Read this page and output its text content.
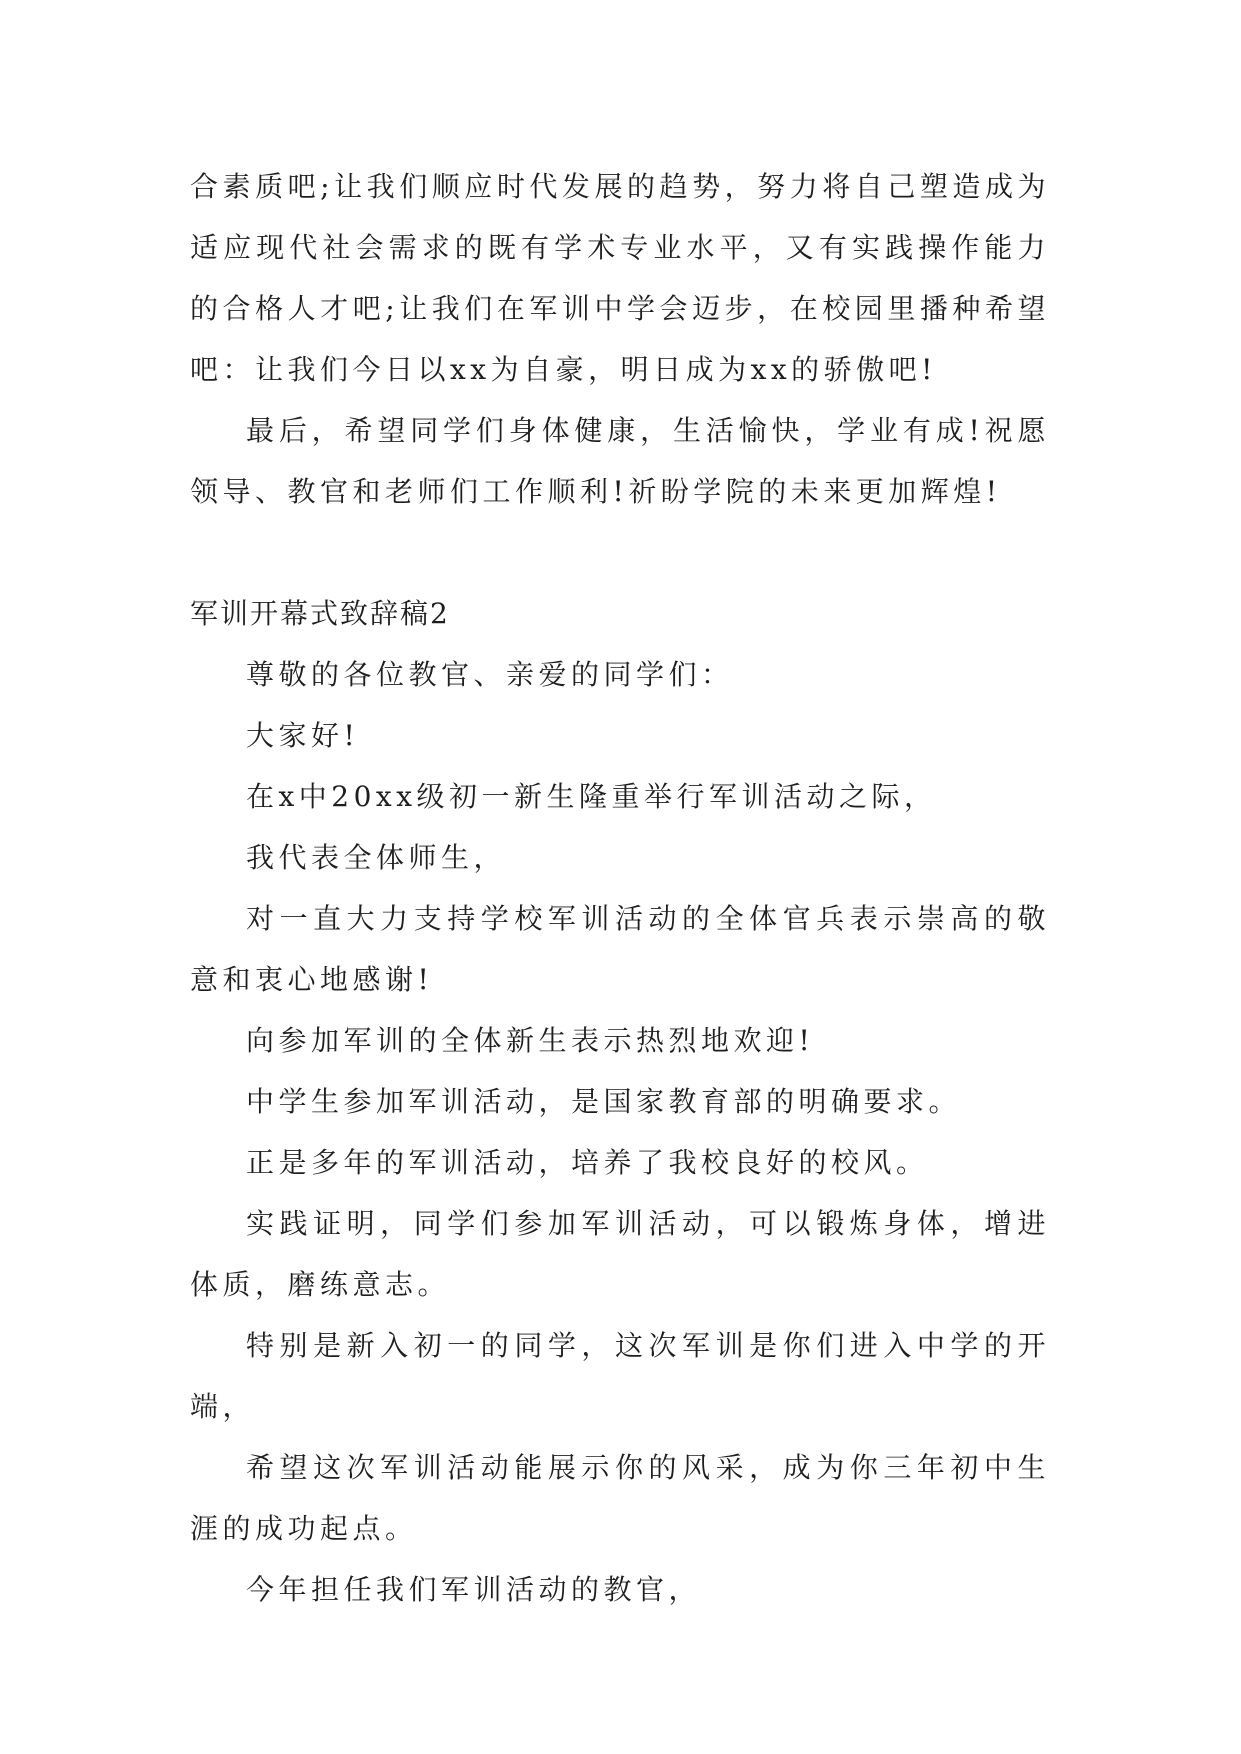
合素质吧;让我们顺应时代发展的趋势，努力将自己塑造成为适应现代社会需求的既有学术专业水平，又有实践操作能力的合格人才吧;让我们在军训中学会迈步，在校园里播种希望吧：让我们今日以xx为自豪，明日成为xx的骄傲吧!

最后，希望同学们身体健康，生活愉快，学业有成!祝愿领导、教官和老师们工作顺利!祈盼学院的未来更加辉煌!

军训开幕式致辞稿2

尊敬的各位教官、亲爱的同学们：

大家好!

在x中20xx级初一新生隆重举行军训活动之际，

我代表全体师生，

对一直大力支持学校军训活动的全体官兵表示崇高的敬意和衷心地感谢!

向参加军训的全体新生表示热烈地欢迎!

中学生参加军训活动，是国家教育部的明确要求。

正是多年的军训活动，培养了我校良好的校风。

实践证明，同学们参加军训活动，可以锻炼身体，增进体质，磨练意志。

特别是新入初一的同学，这次军训是你们进入中学的开端，

希望这次军训活动能展示你的风采，成为你三年初中生涯的成功起点。

今年担任我们军训活动的教官，
